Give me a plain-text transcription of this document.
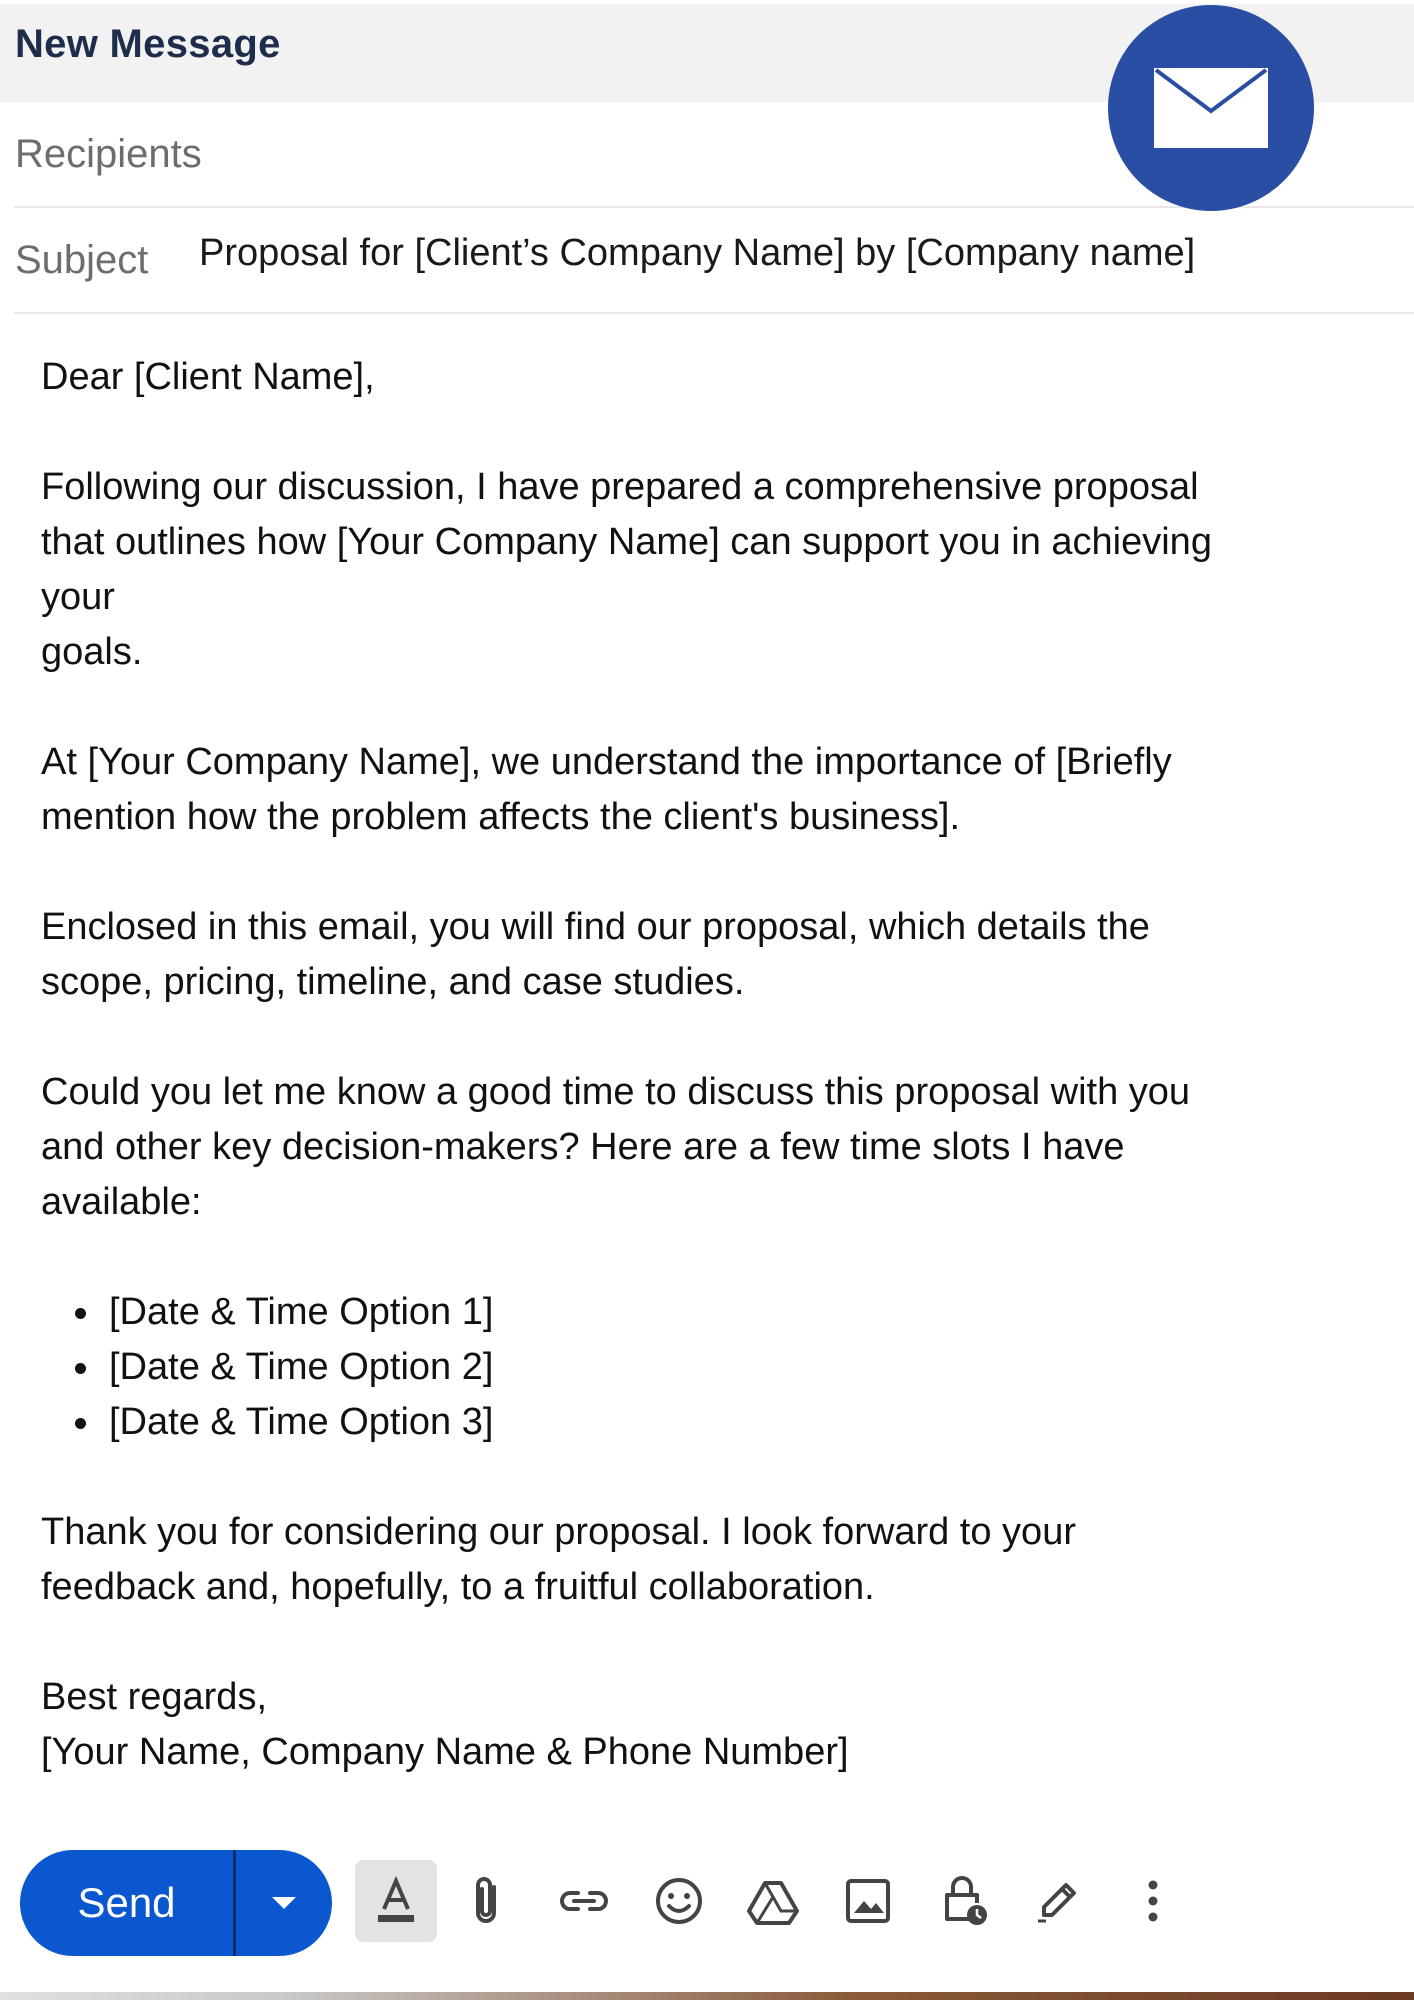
New Message
Recipients
Subject Proposal for [Client’s Company Name] by [Company name]

Dear [Client Name],

Following our discussion, I have prepared a comprehensive proposal

that outlines how [Your Company Name] can support you in achieving

your

goals.

At [Your Company Name], we understand the importance of [Briefly

mention how the problem affects the client's business].

Enclosed in this email, you will find our proposal, which details the

scope, pricing, timeline, and case studies.

Could you let me know a good time to discuss this proposal with you

and other key decision-makers? Here are a few time slots I have

available:

[Date & Time Option 1]
[Date & Time Option 2]
[Date & Time Option 3]

Thank you for considering our proposal. I look forward to your

feedback and, hopefully, to a fruitful collaboration.

Best regards,

[Your Name, Company Name & Phone Number]

Send
